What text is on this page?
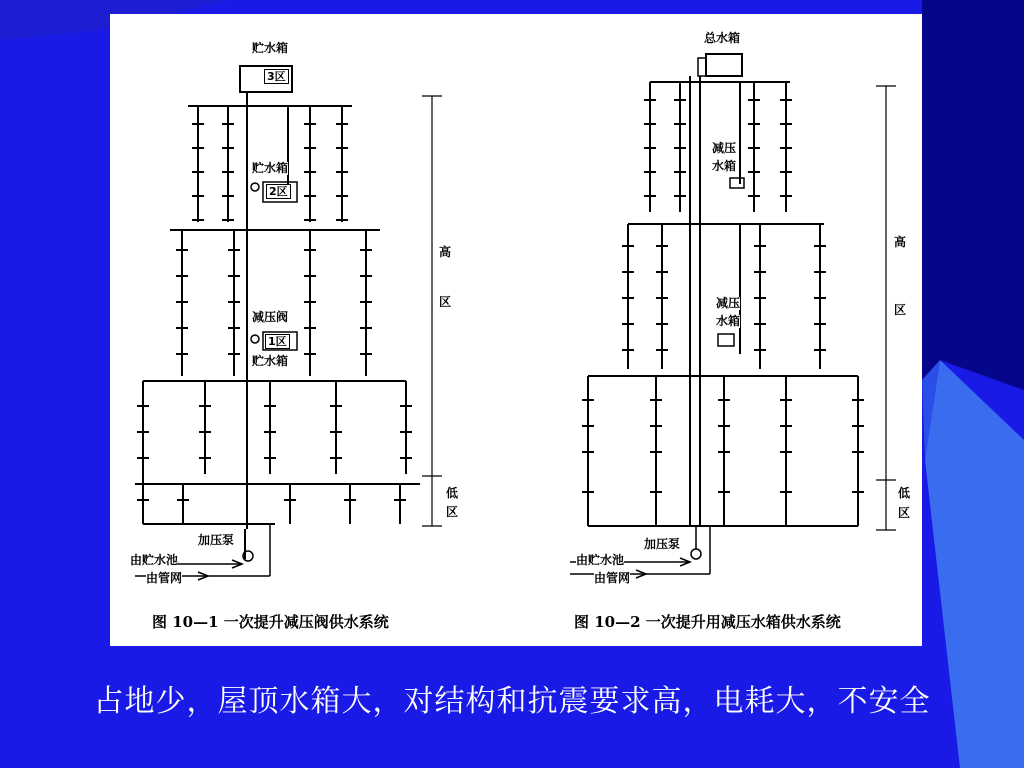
贮水箱
3区
贮水箱
2区
减压阀
1区
贮水箱
加压泵
由贮水池
由管网
高
区
低
区
图 10—1 一次提升减压阀供水系统
总水箱
减压
水箱
减压
水箱
加压泵
由贮水池
由管网
高
区
低
区
图 10—2 一次提升用减压水箱供水系统
占地少，屋顶水箱大，对结构和抗震要求高，电耗大，不安全
